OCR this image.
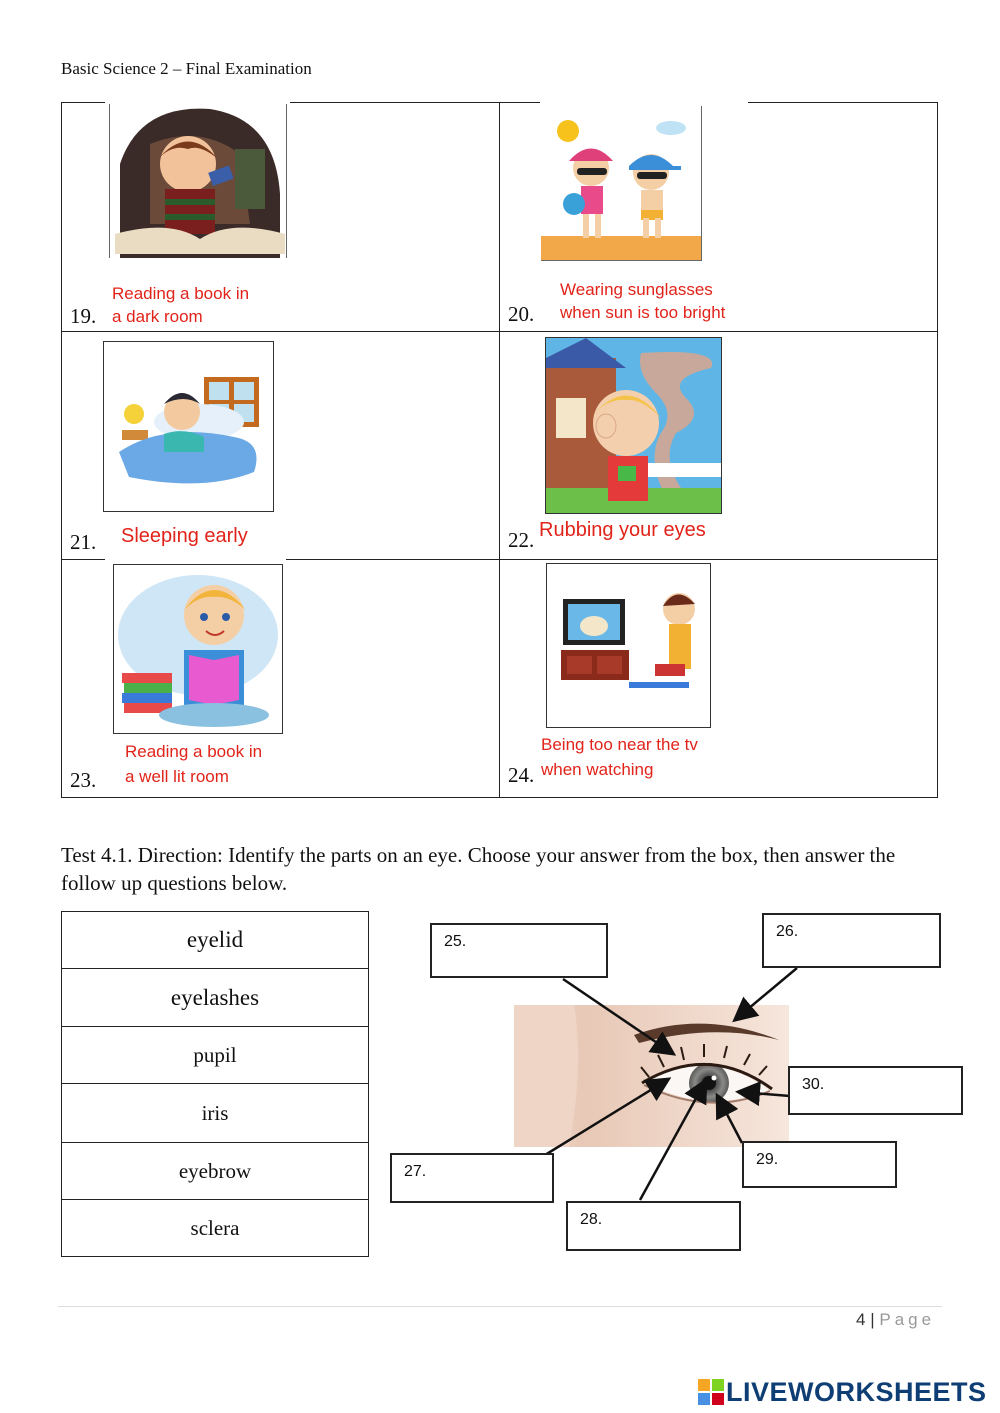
Basic Science 2 – Final Examination
19.
Reading a book in
a dark room	20.
Wearing sunglasses
when sun is too bright
21. Sleeping early	22. Rubbing your eyes
23.
Reading a book in
a well lit room	24.
Being too near the tv
when watching
Test 4.1. Direction: Identify the parts on an eye. Choose your answer from the box, then answer the follow up questions below.
eyelid
eyelashes
pupil
iris
eyebrow
sclera
25.
26.
27.
28.
29.
30.
4 | Page
LIVEWORKSHEETS
